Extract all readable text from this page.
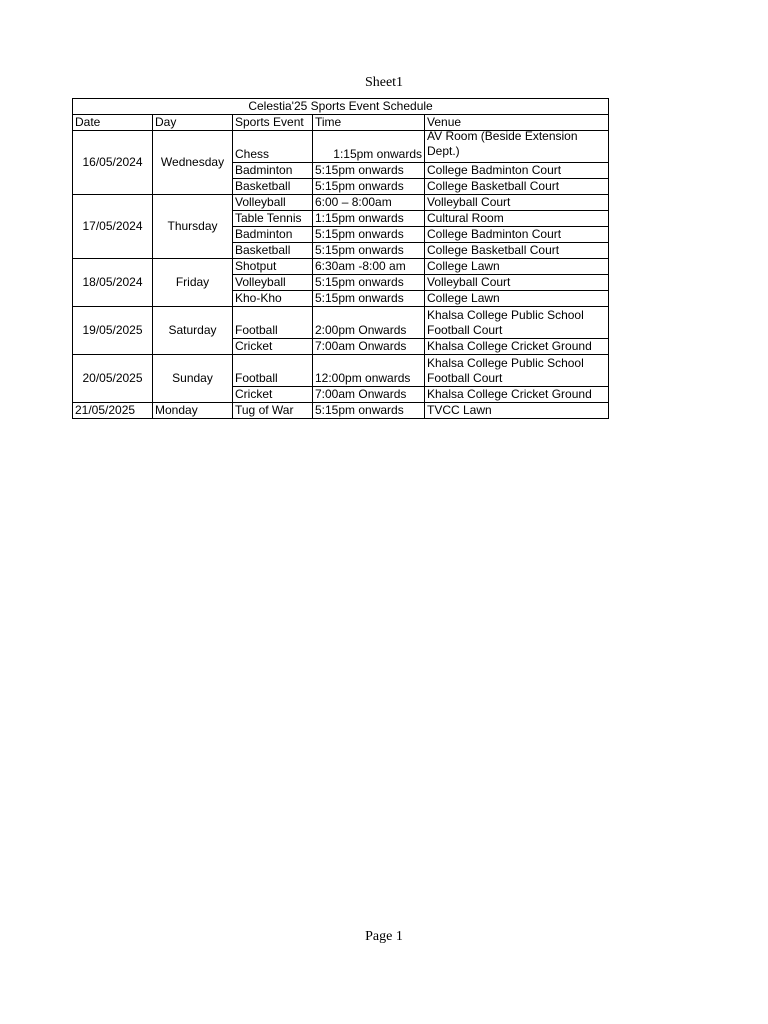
Sheet1
Celestia'25 Sports Event Schedule				
Date	Day	Sports Event	Time	Venue
16/05/2024	Wednesday	Chess	1:15pm onwards	AV Room (Beside Extension
Dept.)

		Badminton	5:15pm onwards	College Badminton Court
		Basketball	5:15pm onwards	College Basketball Court
17/05/2024	Thursday	Volleyball	6:00 – 8:00am	Volleyball Court
		Table Tennis	1:15pm onwards	Cultural Room
		Badminton	5:15pm onwards	College Badminton Court
		Basketball	5:15pm onwards	College Basketball Court
18/05/2024	Friday	Shotput	6:30am -8:00 am	College Lawn
		Volleyball	5:15pm onwards	Volleyball Court
		Kho-Kho	5:15pm onwards	College Lawn
19/05/2025	Saturday	Football	2:00pm Onwards	Khalsa College Public School
Football Court

		Cricket	7:00am Onwards	Khalsa College Cricket Ground
20/05/2025	Sunday	Football	12:00pm onwards	Khalsa College Public School
Football Court

		Cricket	7:00am Onwards	Khalsa College Cricket Ground
21/05/2025	Monday	Tug of War	5:15pm onwards	TVCC Lawn
Page 1
